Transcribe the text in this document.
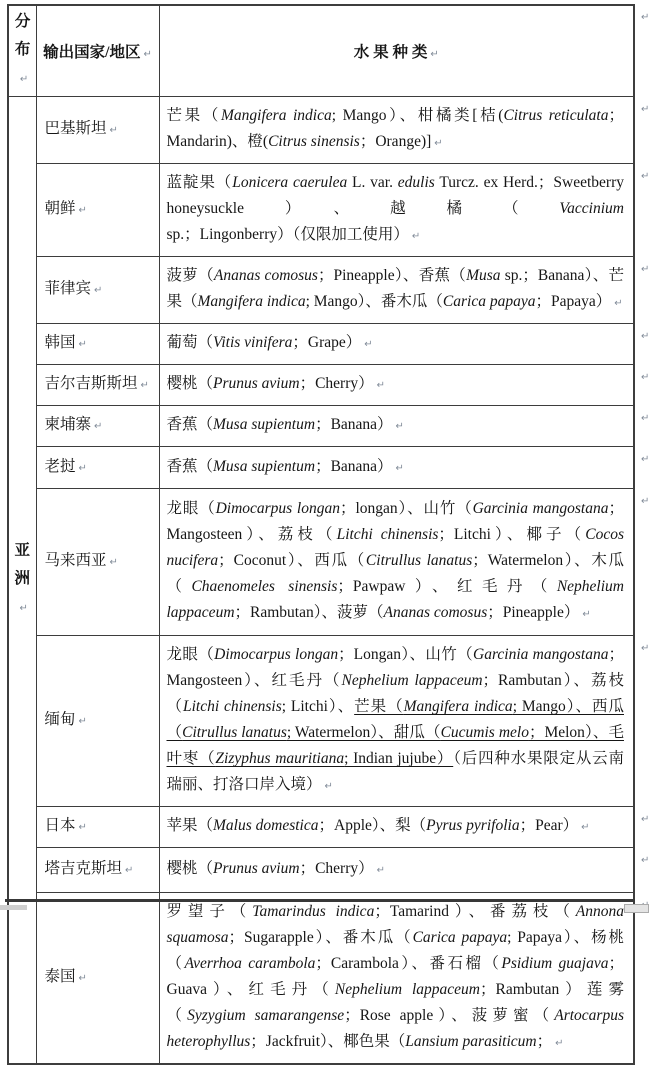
分布↵	输出国家/地区 ↵	水 果 种 类 ↵
亚洲↵	巴基斯坦 ↵	芒果（Mangifera indica; Mango）、柑橘类[桔(Citrus reticulata；Mandarin)、橙(Citrus sinensis；Orange)] ↵
	朝鲜 ↵	蓝靛果（Lonicera caerulea L. var. edulis Turcz. ex Herd.；Sweetberry honeysuckle）、越橘（Vaccinium sp.；Lingonberry）（仅限加工使用） ↵
	菲律宾 ↵	菠萝（Ananas comosus；Pineapple）、香蕉（Musa sp.；Banana）、芒果（Mangifera indica; Mango）、番木瓜（Carica papaya；Papaya） ↵
	韩国 ↵	葡萄（Vitis vinifera；Grape） ↵
	吉尔吉斯斯坦 ↵	樱桃（Prunus avium；Cherry） ↵
	柬埔寨 ↵	香蕉（Musa supientum；Banana） ↵
	老挝 ↵	香蕉（Musa supientum；Banana） ↵
	马来西亚 ↵	龙眼（Dimocarpus longan；longan）、山竹（Garcinia mangostana；Mangosteen）、荔枝（Litchi chinensis；Litchi）、椰子（Cocos nucifera；Coconut）、西瓜（Citrullus lanatus；Watermelon）、木瓜（Chaenomeles sinensis；Pawpaw）、红毛丹（Nephelium lappaceum；Rambutan）、菠萝（Ananas comosus；Pineapple） ↵
	缅甸 ↵	龙眼（Dimocarpus longan；Longan）、山竹（Garcinia mangostana；Mangosteen）、红毛丹（Nephelium lappaceum；Rambutan）、荔枝（Litchi chinensis; Litchi）、芒果（Mangifera indica; Mango）、西瓜（Citrullus lanatus; Watermelon）、甜瓜（Cucumis melo；Melon）、毛叶枣（Zizyphus mauritiana; Indian jujube）（后四种水果限定从云南瑞丽、打洛口岸入境） ↵
	日本 ↵	苹果（Malus domestica；Apple）、梨（Pyrus pyrifolia；Pear） ↵
	塔吉克斯坦 ↵	樱桃（Prunus avium；Cherry） ↵
	泰国 ↵	罗望子（Tamarindus indica；Tamarind）、番荔枝（Annona squamosa；Sugarapple）、番木瓜（Carica papaya; Papaya）、杨桃（Averrhoa carambola；Carambola）、番石榴（Psidium guajava；Guava）、红毛丹（Nephelium lappaceum；Rambutan）莲雾（Syzygium samarangense；Rose apple）、菠萝蜜（Artocarpus heterophyllus；Jackfruit）、椰色果（Lansium parasiticum； ↵
↵
↵
↵
↵
↵
↵
↵
↵
↵
↵
↵
↵
